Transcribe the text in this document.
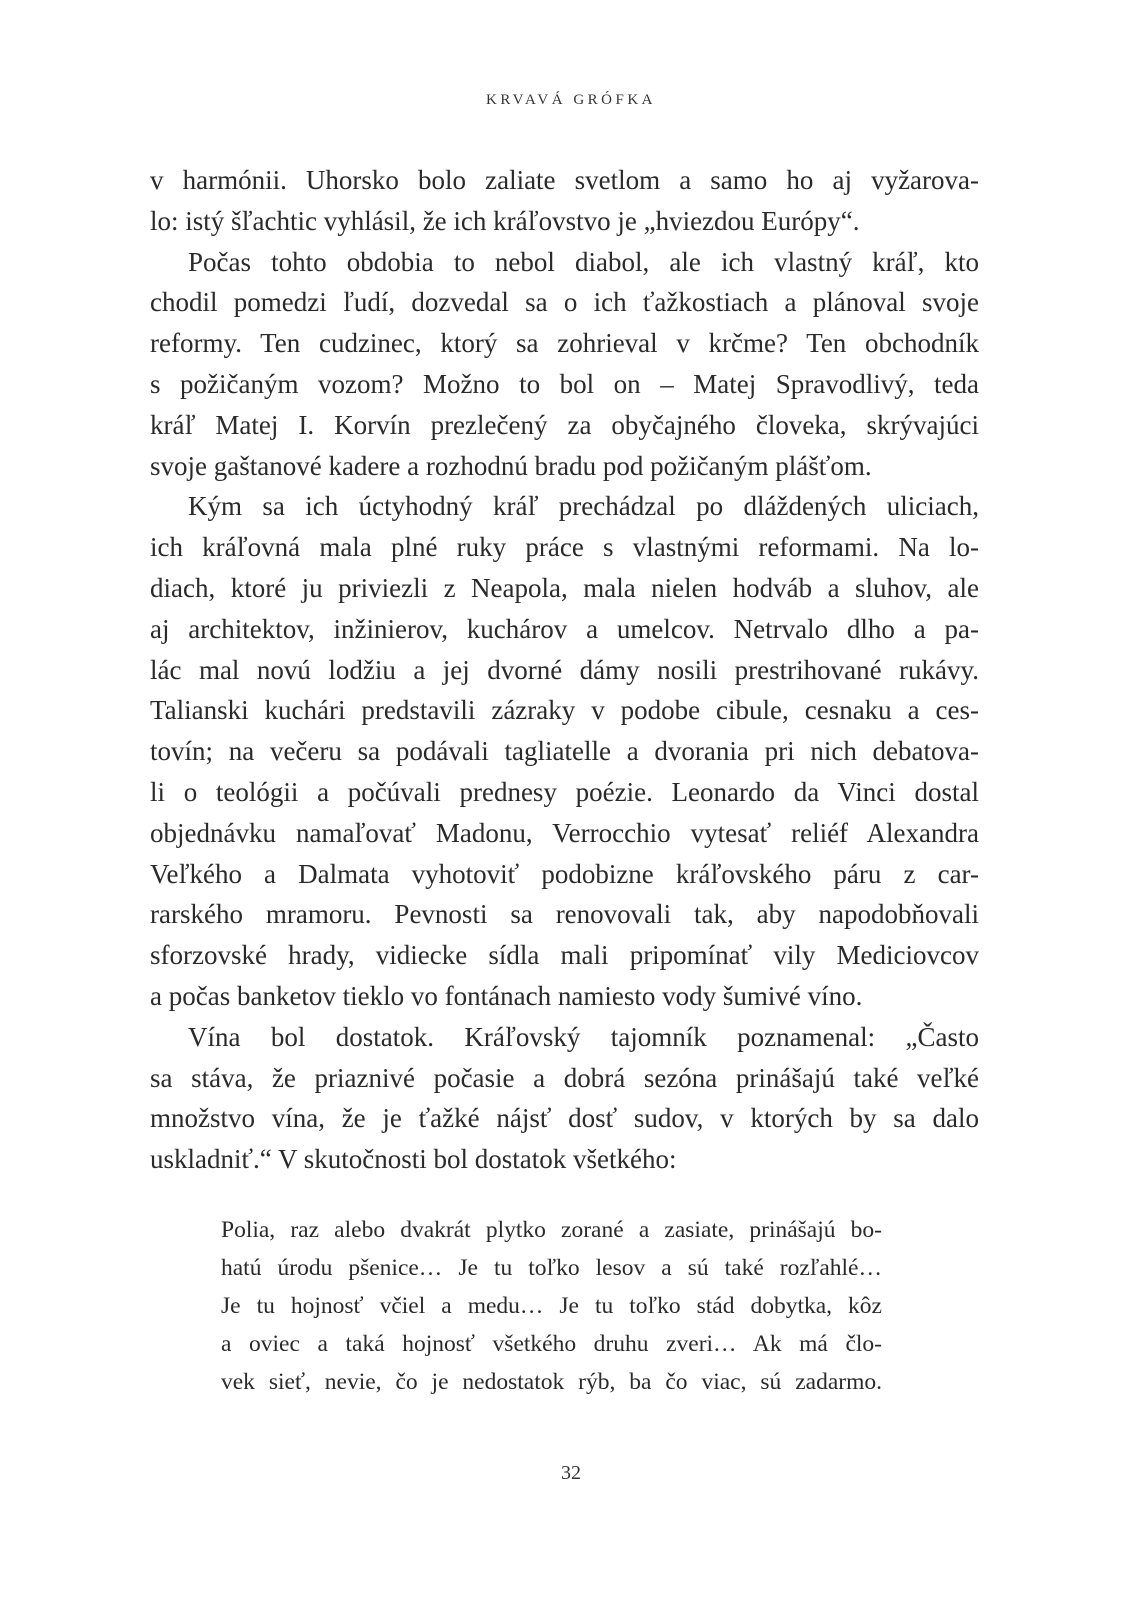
KRVAVÁ GRÓFKA
v harmónii. Uhorsko bolo zaliate svetlom a samo ho aj vyžarova-
lo: istý šľachtic vyhlásil, že ich kráľovstvo je „hviezdou Európy“.
Počas tohto obdobia to nebol diabol, ale ich vlastný kráľ, kto
chodil pomedzi ľudí, dozvedal sa o ich ťažkostiach a plánoval svoje
reformy. Ten cudzinec, ktorý sa zohrieval v krčme? Ten obchodník
s požičaným vozom? Možno to bol on – Matej Spravodlivý, teda
kráľ Matej I. Korvín prezlečený za obyčajného človeka, skrývajúci
svoje gaštanové kadere a rozhodnú bradu pod požičaným plášťom.
Kým sa ich úctyhodný kráľ prechádzal po dláždených uliciach,
ich kráľovná mala plné ruky práce s vlastnými reformami. Na lo-
diach, ktoré ju priviezli z Neapola, mala nielen hodváb a sluhov, ale
aj architektov, inžinierov, kuchárov a umelcov. Netrvalo dlho a pa-
lác mal novú lodžiu a jej dvorné dámy nosili prestrihované rukávy.
Talianski kuchári predstavili zázraky v podobe cibule, cesnaku a ces-
tovín; na večeru sa podávali tagliatelle a dvorania pri nich debatova-
li o teológii a počúvali prednesy poézie. Leonardo da Vinci dostal
objednávku namaľovať Madonu, Verrocchio vytesať reliéf Alexandra
Veľkého a Dalmata vyhotoviť podobizne kráľovského páru z car-
rarského mramoru. Pevnosti sa renovovali tak, aby napodobňovali
sforzovské hrady, vidiecke sídla mali pripomínať vily Mediciovcov
a počas banketov tieklo vo fontánach namiesto vody šumivé víno.
Vína bol dostatok. Kráľovský tajomník poznamenal: „Často
sa stáva, že priaznivé počasie a dobrá sezóna prinášajú také veľké
množstvo vína, že je ťažké nájsť dosť sudov, v ktorých by sa dalo
uskladniť.“ V skutočnosti bol dostatok všetkého:
Polia, raz alebo dvakrát plytko zorané a zasiate, prinášajú bo-
hatú úrodu pšenice… Je tu toľko lesov a sú také rozľahlé…
Je tu hojnosť včiel a medu… Je tu toľko stád dobytka, kôz
a oviec a taká hojnosť všetkého druhu zveri… Ak má člo-
vek sieť, nevie, čo je nedostatok rýb, ba čo viac, sú zadarmo.
32
